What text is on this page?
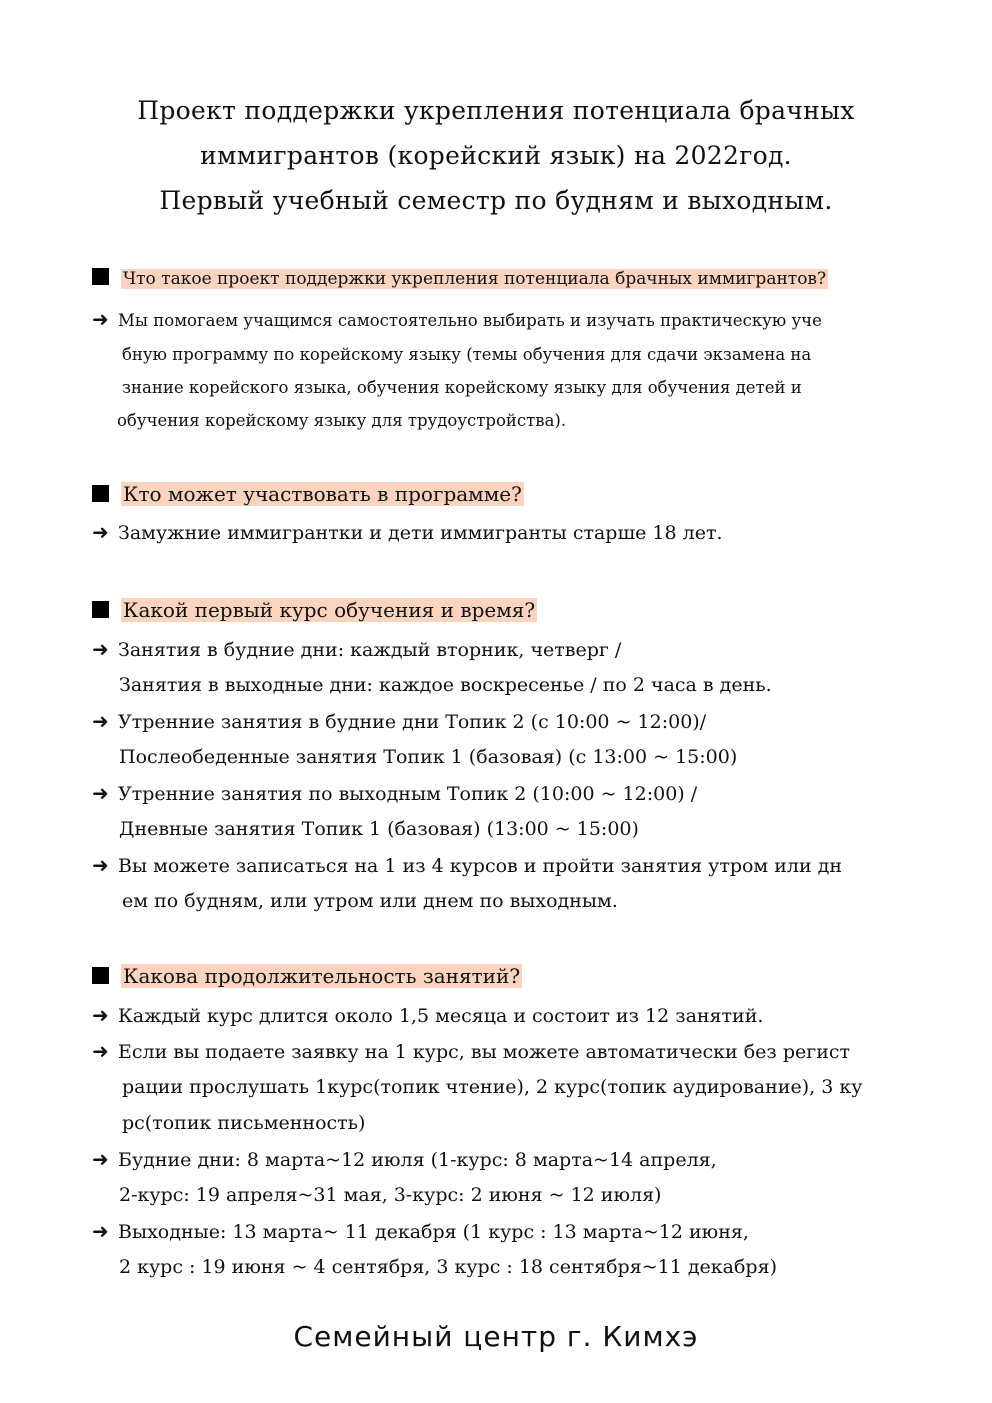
Проект поддержки укрепления потенциала брачных
иммигрантов (корейский язык) на 2022год.
Первый учебный семестр по будням и выходным.
Что такое проект поддержки укрепления потенциала брачных иммигрантов?
➜ Мы помогаем учащимся самостоятельно выбирать и изучать практическую уче
бную программу по корейскому языку (темы обучения для сдачи экзамена на
знание корейского языка, обучения корейскому языку для обучения детей и
обучения корейскому языку для трудоустройства).
Кто может участвовать в программе?
➜ Замужние иммигрантки и дети иммигранты старше 18 лет.
Какой первый курс обучения и время?
➜ Занятия в будние дни: каждый вторник, четверг /
Занятия в выходные дни: каждое воскресенье / по 2 часа в день.
➜ Утренние занятия в будние дни Топик 2 (с 10:00 ~ 12:00)/
Послеобеденные занятия Топик 1 (базовая) (с 13:00 ~ 15:00)
➜ Утренние занятия по выходным Топик 2 (10:00 ~ 12:00) /
Дневные занятия Топик 1 (базовая) (13:00 ~ 15:00)
➜ Вы можете записаться на 1 из 4 курсов и пройти занятия утром или дн
ем по будням, или утром или днем по выходным.
Какова продолжительность занятий?
➜ Каждый курс длится около 1,5 месяца и состоит из 12 занятий.
➜ Если вы подаете заявку на 1 курс, вы можете автоматически без регист
рации прослушать 1курс(топик чтение), 2 курс(топик аудирование), 3 ку
рс(топик письменность)
➜ Будние дни: 8 марта~12 июля (1-курс: 8 марта~14 апреля,
2-курс: 19 апреля~31 мая, 3-курс: 2 июня ~ 12 июля)
➜ Выходные: 13 марта~ 11 декабря (1 курс : 13 марта~12 июня,
2 курс : 19 июня ~ 4 сентября, 3 курс : 18 сентября~11 декабря)
Семейный центр г. Кимхэ
